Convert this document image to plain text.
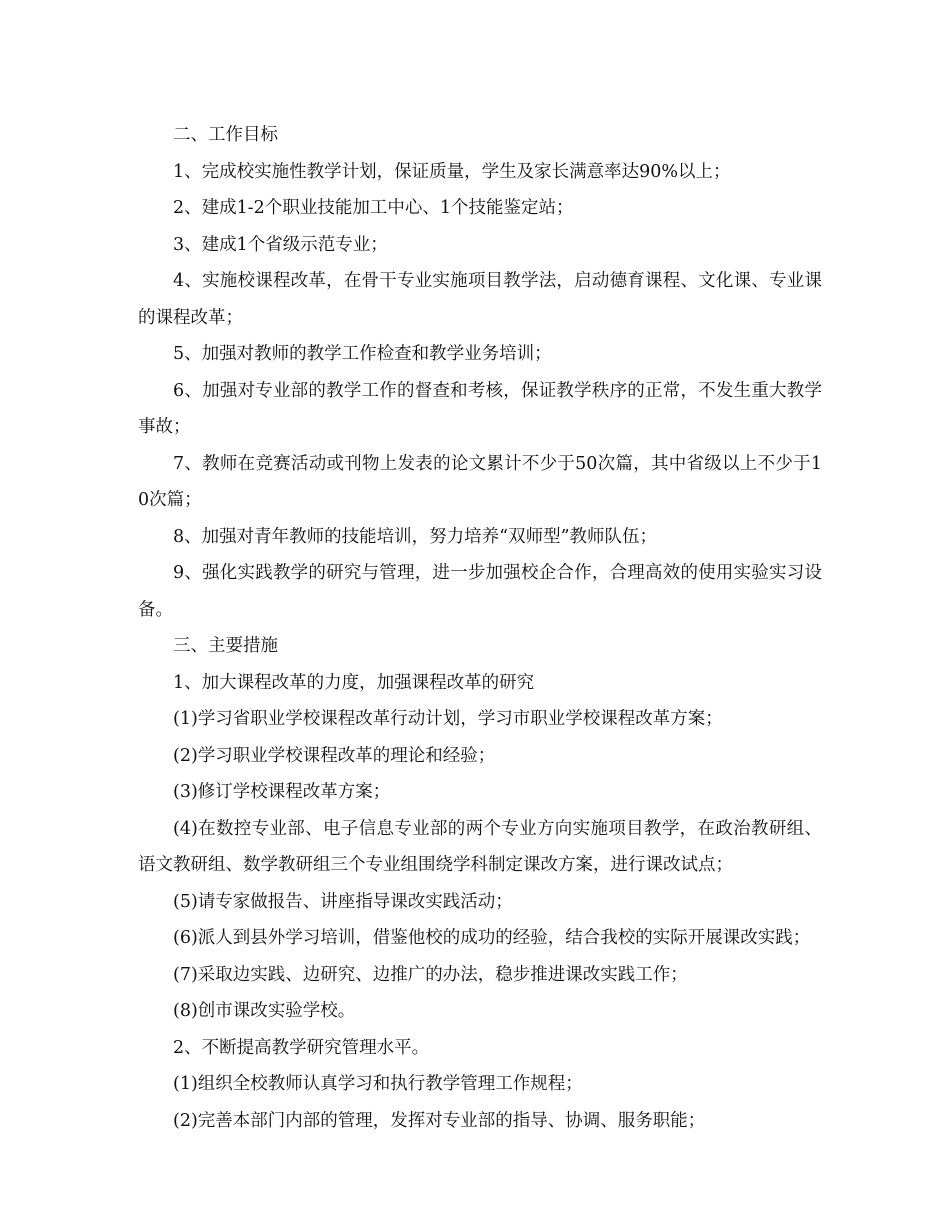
二、工作目标

1、完成校实施性教学计划，保证质量，学生及家长满意率达90%以上；

2、建成1-2个职业技能加工中心、1个技能鉴定站；

3、建成1个省级示范专业；

4、实施校课程改革，在骨干专业实施项目教学法，启动德育课程、文化课、专业课的课程改革；

5、加强对教师的教学工作检查和教学业务培训；

6、加强对专业部的教学工作的督查和考核，保证教学秩序的正常，不发生重大教学事故；

7、教师在竞赛活动或刊物上发表的论文累计不少于50次篇，其中省级以上不少于10次篇；

8、加强对青年教师的技能培训，努力培养“双师型”教师队伍；

9、强化实践教学的研究与管理，进一步加强校企合作，合理高效的使用实验实习设备。

三、主要措施

1、加大课程改革的力度，加强课程改革的研究

(1)学习省职业学校课程改革行动计划，学习市职业学校课程改革方案；

(2)学习职业学校课程改革的理论和经验；

(3)修订学校课程改革方案；

(4)在数控专业部、电子信息专业部的两个专业方向实施项目教学，在政治教研组、语文教研组、数学教研组三个专业组围绕学科制定课改方案，进行课改试点；

(5)请专家做报告、讲座指导课改实践活动；

(6)派人到县外学习培训，借鉴他校的成功的经验，结合我校的实际开展课改实践；

(7)采取边实践、边研究、边推广的办法，稳步推进课改实践工作；

(8)创市课改实验学校。

2、不断提高教学研究管理水平。

(1)组织全校教师认真学习和执行教学管理工作规程；

(2)完善本部门内部的管理，发挥对专业部的指导、协调、服务职能；
